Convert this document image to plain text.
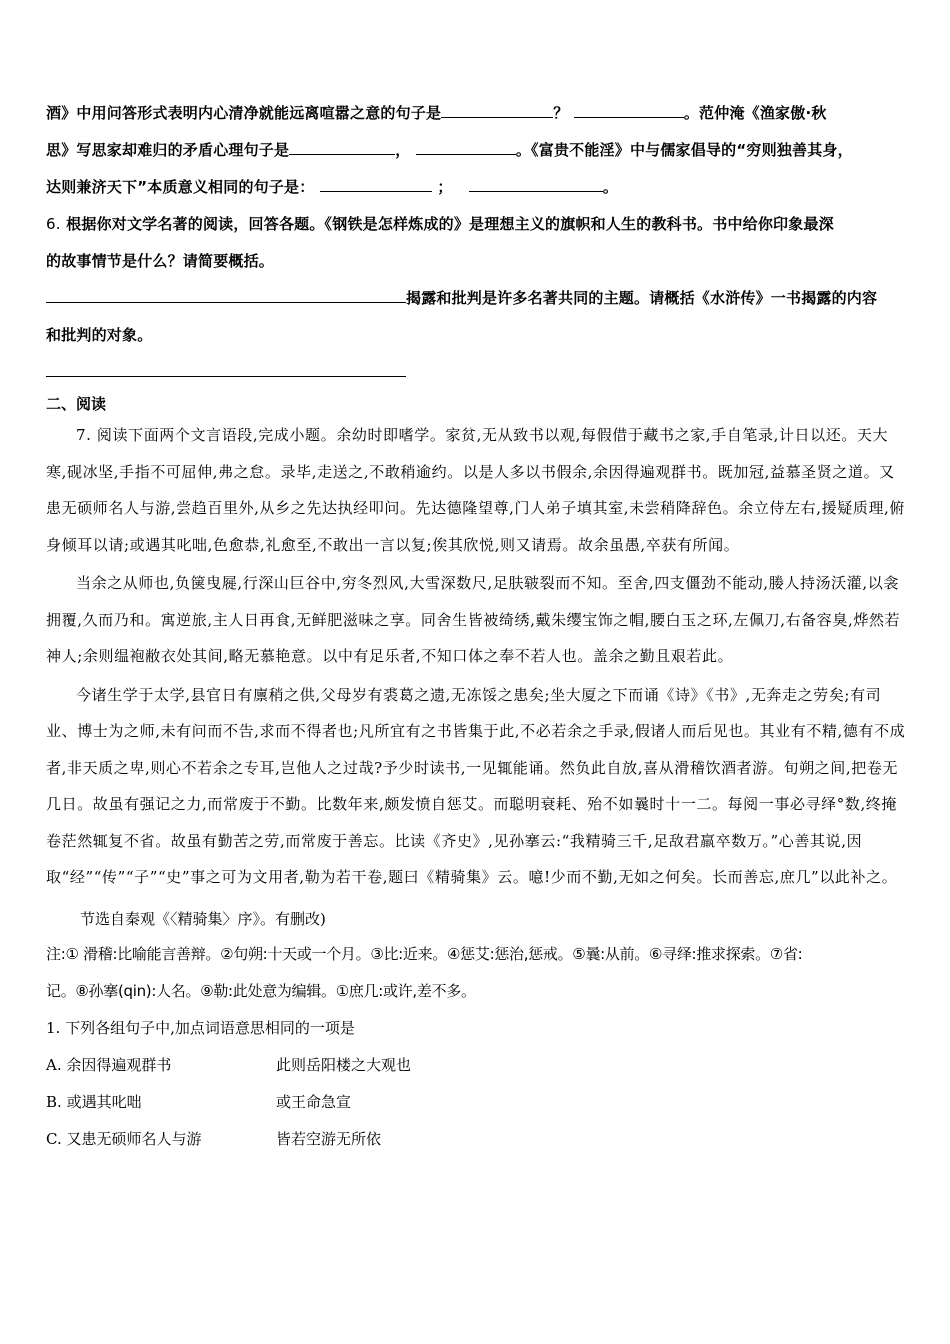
酒》中用问答形式表明内心清净就能远离喧嚣之意的句子是	？	。范仲淹《渔家傲·秋
思》写思家却难归的矛盾心理句子是	，	。《富贵不能淫》中与儒家倡导的“穷则独善其身，
达则兼济天下”本质意义相同的句子是：	；	。
6. 根据你对文学名著的阅读，回答各题。《钢铁是怎样炼成的》是理想主义的旗帜和人生的教科书。书中给你印象最深
的故事情节是什么？请简要概括。
揭露和批判是许多名著共同的主题。请概括《水浒传》一书揭露的内容
和批判的对象。
二、阅读

7. 阅读下面两个文言语段,完成小题。余幼时即嗜学。家贫,无从致书以观,每假借于藏书之家,手自笔录,计日以还。天大寒,砚冰坚,手指不可屈伸,弗之怠。录毕,走送之,不敢稍逾约。以是人多以书假余,余因得遍观群书。既加冠,益慕圣贤之道。又患无硕师名人与游,尝趋百里外,从乡之先达执经叩问。先达德隆望尊,门人弟子填其室,未尝稍降辞色。余立侍左右,援疑质理,俯身倾耳以请;或遇其叱咄,色愈恭,礼愈至,不敢出一言以复;俟其欣悦,则又请焉。故余虽愚,卒获有所闻。

当余之从师也,负箧曳屣,行深山巨谷中,穷冬烈风,大雪深数尺,足肤皲裂而不知。至舍,四支僵劲不能动,媵人持汤沃灌,以衾拥覆,久而乃和。寓逆旅,主人日再食,无鲜肥滋味之享。同舍生皆被绮绣,戴朱缨宝饰之帽,腰白玉之环,左佩刀,右备容臭,烨然若神人;余则缊袍敝衣处其间,略无慕艳意。以中有足乐者,不知口体之奉不若人也。盖余之勤且艰若此。

今诸生学于太学,县官日有廪稍之供,父母岁有裘葛之遗,无冻馁之患矣;坐大厦之下而诵《诗》《书》,无奔走之劳矣;有司业、博士为之师,未有问而不告,求而不得者也;凡所宜有之书皆集于此,不必若余之手录,假诸人而后见也。其业有不精,德有不成者,非天质之卑,则心不若余之专耳,岂他人之过哉?予少时读书,一见辄能诵。然负此自放,喜从滑稽饮酒者游。旬朔之间,把卷无几日。故虽有强记之力,而常废于不勤。比数年来,颇发愤自惩艾。而聪明衰耗、殆不如曩时十一二。每阅一事必寻绎°数,终掩卷茫然辄复不省。故虽有勤苦之劳,而常废于善忘。比读《齐史》,见孙搴云:“我精骑三千,足敌君羸卒数万。”心善其说,因取“经”“传”“子”“史”事之可为文用者,勒为若干卷,题曰《精骑集》云。噫!少而不勤,无如之何矣。长而善忘,庶几”以此补之。

节选自秦观《〈精骑集〉序》。有删改)
注:① 滑稽:比喻能言善辩。②句朔:十天或一个月。③比:近来。④惩艾:惩治,惩戒。⑤曩:从前。⑥寻绎:推求探索。⑦省:
记。⑧孙搴(qin):人名。⑨勒:此处意为编辑。①庶几:或许,差不多。
1. 下列各组句子中,加点词语意思相同的一项是
A. 余因得遍观群书	此则岳阳楼之大观也
B. 或遇其叱咄	或王命急宣
C. 又患无硕师名人与游	皆若空游无所依
